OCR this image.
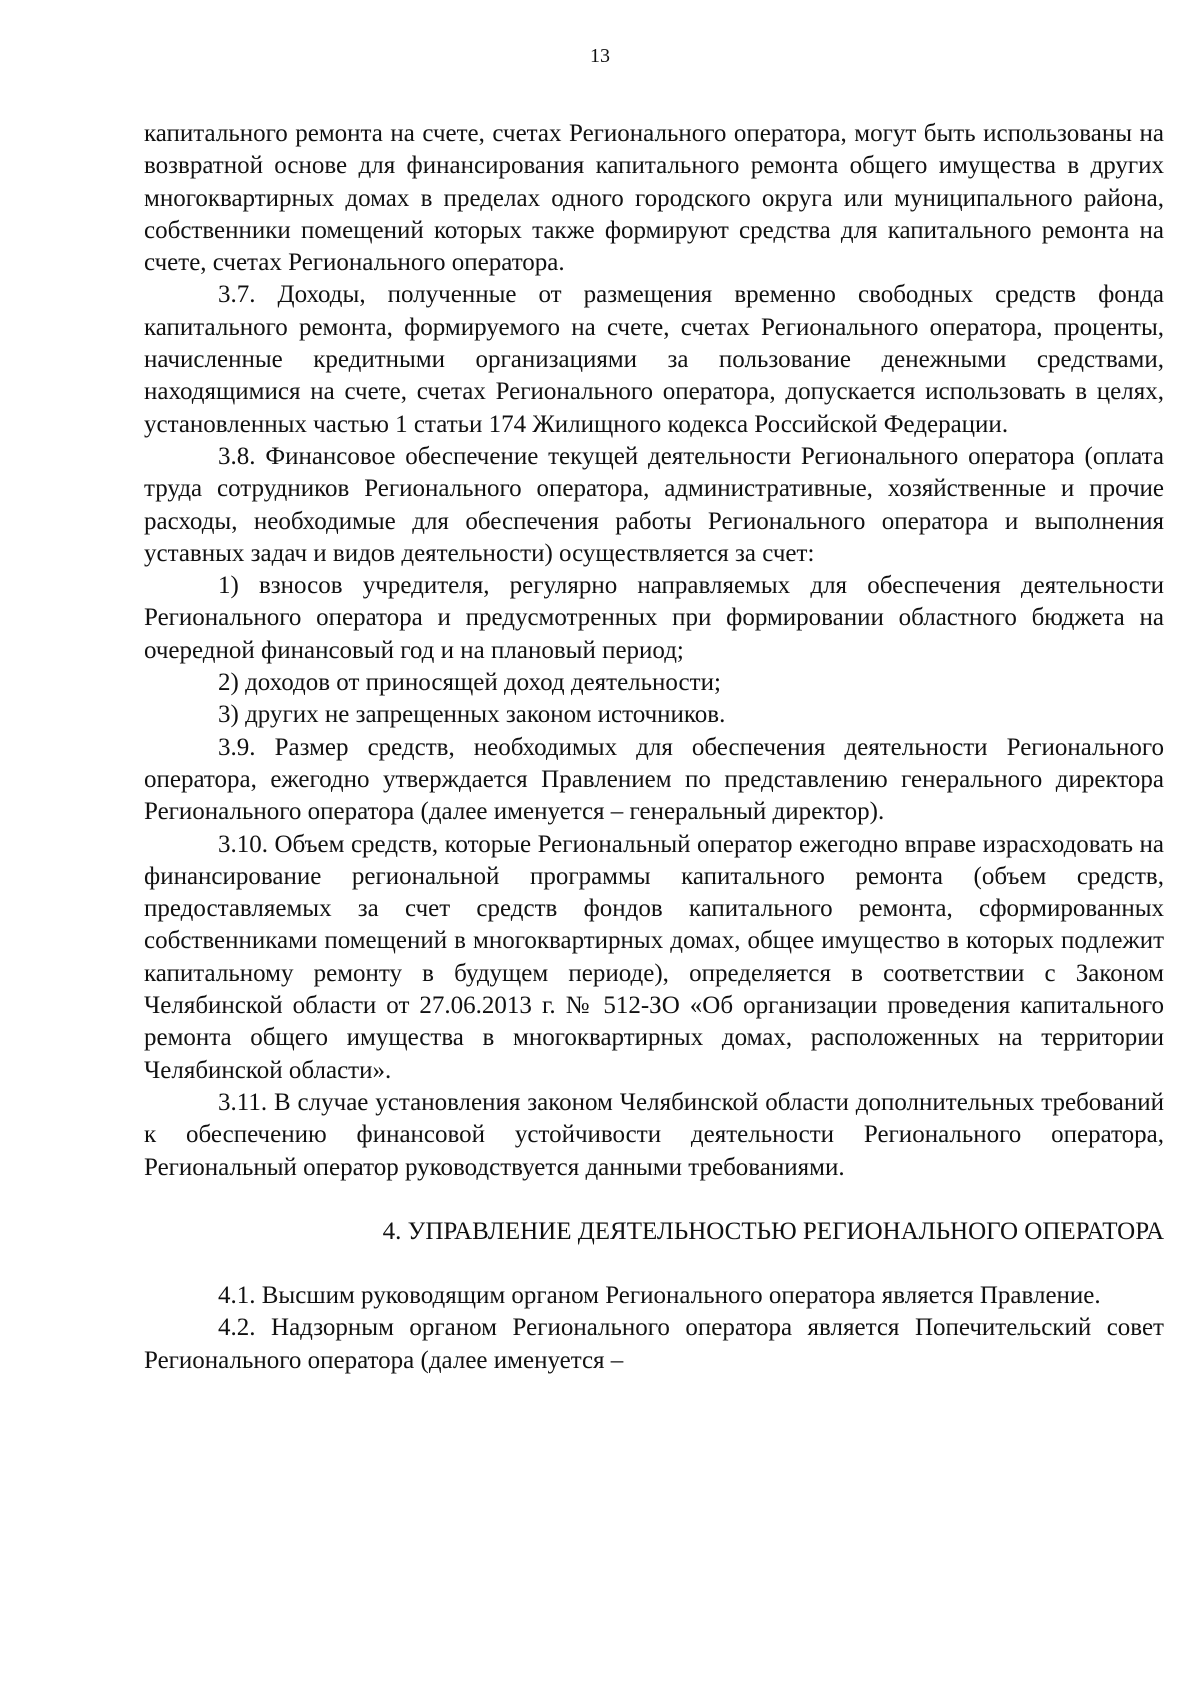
13

капитального ремонта на счете, счетах Регионального оператора, могут быть использованы на возвратной основе для финансирования капитального ремонта общего имущества в других многоквартирных домах в пределах одного городского округа или муниципального района, собственники помещений которых также формируют средства для капитального ремонта на счете, счетах Регионального оператора.

3.7. Доходы, полученные от размещения временно свободных средств фонда капитального ремонта, формируемого на счете, счетах Регионального оператора, проценты, начисленные кредитными организациями за пользование денежными средствами, находящимися на счете, счетах Регионального оператора, допускается использовать в целях, установленных частью 1 статьи 174 Жилищного кодекса Российской Федерации.

3.8. Финансовое обеспечение текущей деятельности Регионального оператора (оплата труда сотрудников Регионального оператора, административные, хозяйственные и прочие расходы, необходимые для обеспечения работы Регионального оператора и выполнения уставных задач и видов деятельности) осуществляется за счет:

1) взносов учредителя, регулярно направляемых для обеспечения деятельности Регионального оператора и предусмотренных при формировании областного бюджета на очередной финансовый год и на плановый период;

2) доходов от приносящей доход деятельности;

3) других не запрещенных законом источников.

3.9. Размер средств, необходимых для обеспечения деятельности Регионального оператора, ежегодно утверждается Правлением по представлению генерального директора Регионального оператора (далее именуется – генеральный директор).

3.10. Объем средств, которые Региональный оператор ежегодно вправе израсходовать на финансирование региональной программы капитального ремонта (объем средств, предоставляемых за счет средств фондов капитального ремонта, сформированных собственниками помещений в многоквартирных домах, общее имущество в которых подлежит капитальному ремонту в будущем периоде), определяется в соответствии с Законом Челябинской области от 27.06.2013 г. № 512-ЗО «Об организации проведения капитального ремонта общего имущества в многоквартирных домах, расположенных на территории Челябинской области».

3.11. В случае установления законом Челябинской области дополнительных требований к обеспечению финансовой устойчивости деятельности Регионального оператора, Региональный оператор руководствуется данными требованиями.

4. УПРАВЛЕНИЕ ДЕЯТЕЛЬНОСТЬЮ РЕГИОНАЛЬНОГО ОПЕРАТОРА

4.1. Высшим руководящим органом Регионального оператора является Правление.

4.2. Надзорным органом Регионального оператора является Попечительский совет Регионального оператора (далее именуется –
